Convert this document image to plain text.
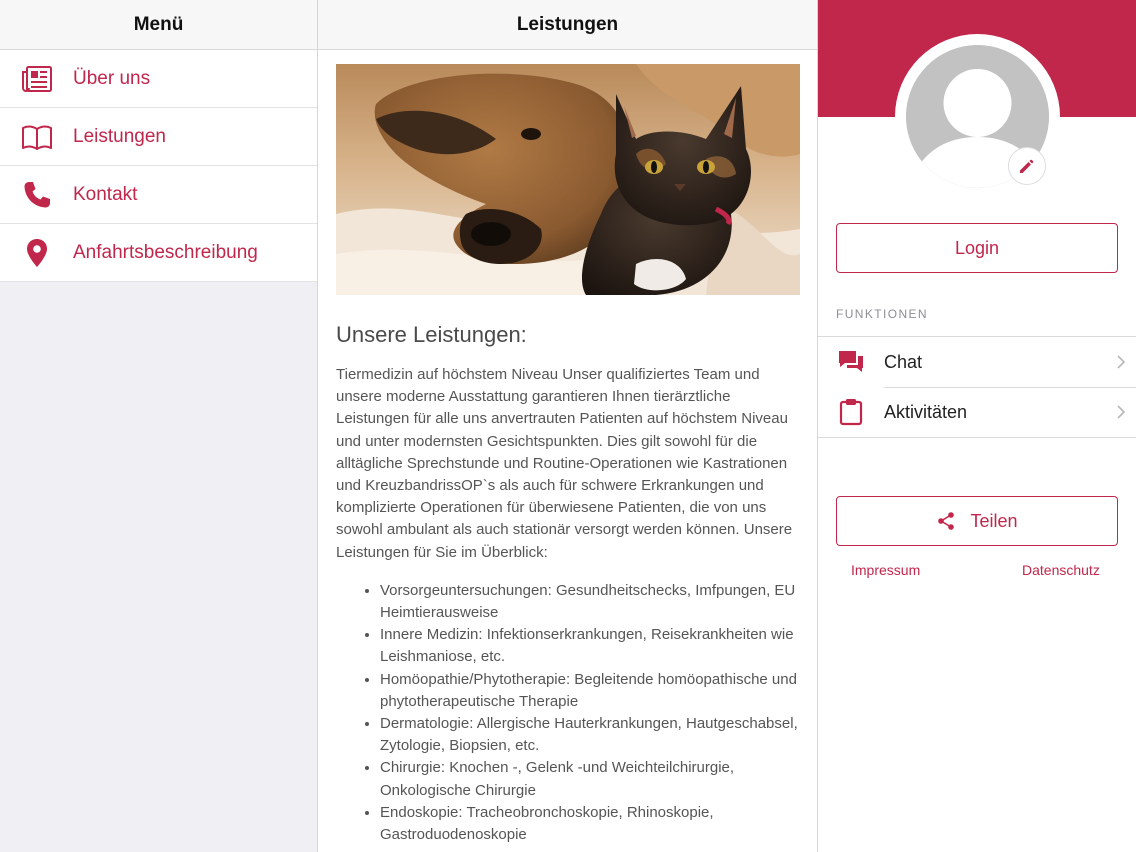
Menü
Über uns
Leistungen
Kontakt
Anfahrtsbeschreibung
Leistungen
Unsere Leistungen:

Tiermedizin auf höchstem Niveau Unser qualifiziertes Team und unsere moderne Ausstattung garantieren Ihnen tierärztliche Leistungen für alle uns anvertrauten Patienten auf höchstem Niveau und unter modernsten Gesichtspunkten. Dies gilt sowohl für die alltägliche Sprechstunde und Routine-Operationen wie Kastrationen und KreuzbandrissOP`s als auch für schwere Erkrankungen und komplizierte Operationen für überwiesene Patienten, die von uns sowohl ambulant als auch stationär versorgt werden können. Unsere Leistungen für Sie im Überblick:

• Vorsorgeuntersuchungen: Gesundheitschecks, Imfpungen, EU Heimtierausweise
• Innere Medizin: Infektionserkrankungen, Reisekrankheiten wie Leishmaniose, etc.
• Homöopathie/Phytotherapie: Begleitende homöopathische und phytotherapeutische Therapie
• Dermatologie: Allergische Hauterkrankungen, Hautgeschabsel, Zytologie, Biopsien, etc.
• Chirurgie: Knochen -, Gelenk -und Weichteilchirurgie, Onkologische Chirurgie
• Endoskopie: Tracheobronchoskopie, Rhinoskopie, Gastroduodenoskopie
Login
FUNKTIONEN
Chat
Aktivitäten
Teilen
Impressum	Datenschutz
